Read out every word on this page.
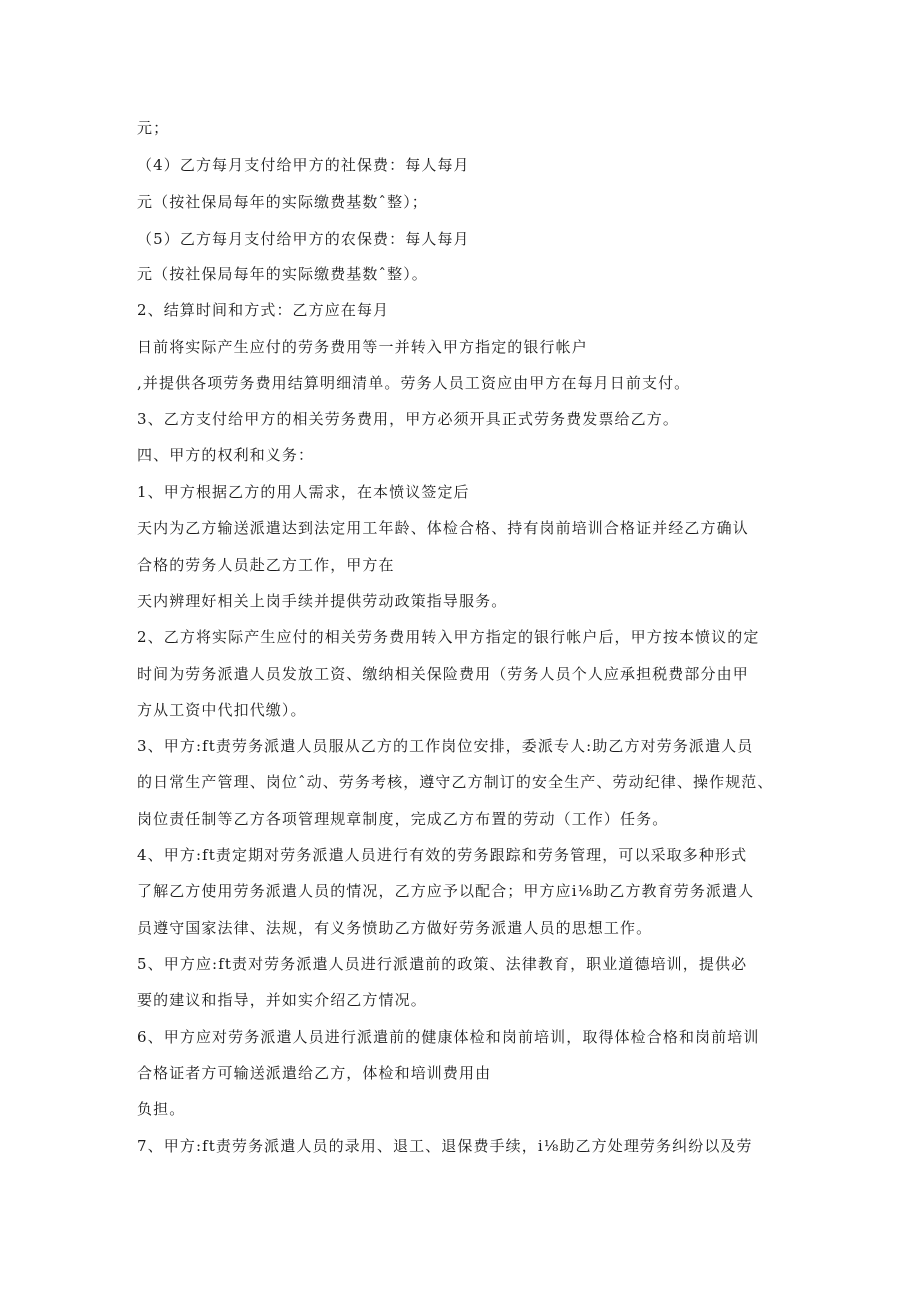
元；
（4）乙方每月支付给甲方的社保费：每人每月
元（按社保局每年的实际缴费基数ˆ整）；
（5）乙方每月支付给甲方的农保费：每人每月
元（按社保局每年的实际缴费基数ˆ整）。
2、结算时间和方式：乙方应在每月
日前将实际产生应付的劳务费用等一并转入甲方指定的银行帐户
,并提供各项劳务费用结算明细清单。劳务人员工资应由甲方在每月日前支付。
3、乙方支付给甲方的相关劳务费用，甲方必须开具正式劳务费发票给乙方。
四、甲方的权利和义务：
1、甲方根据乙方的用人需求，在本愤议签定后
天内为乙方输送派遣达到法定用工年龄、体检合格、持有岗前培训合格证并经乙方确认
合格的劳务人员赴乙方工作，甲方在
天内辨理好相关上岗手续并提供劳动政策指导服务。
2、乙方将实际产生应付的相关劳务费用转入甲方指定的银行帐户后，甲方按本愤议的定
时间为劳务派遣人员发放工资、缴纳相关保险费用（劳务人员个人应承担税费部分由甲
方从工资中代扣代缴）。
3、甲方:ft责劳务派遣人员服从乙方的工作岗位安排，委派专人:助乙方对劳务派遣人员
的日常生产管理、岗位ˆ动、劳务考核，遵守乙方制订的安全生产、劳动纪律、操作规范、
岗位责任制等乙方各项管理规章制度，完成乙方布置的劳动（工作）任务。
4、甲方:ft责定期对劳务派遣人员进行有效的劳务跟踪和劳务管理，可以采取多种形式
了解乙方使用劳务派遣人员的情况，乙方应予以配合；甲方应i⅛助乙方教育劳务派遣人
员遵守国家法律、法规，有义务愤助乙方做好劳务派遣人员的思想工作。
5、甲方应:ft责对劳务派遣人员进行派遣前的政策、法律教育，职业道德培训，提供必
要的建议和指导，并如实介绍乙方情况。
6、甲方应对劳务派遣人员进行派遣前的健康体检和岗前培训，取得体检合格和岗前培训
合格证者方可输送派遣给乙方，体检和培训费用由
负担。
7、甲方:ft责劳务派遣人员的录用、退工、退保费手续，i⅛助乙方处理劳务纠纷以及劳
